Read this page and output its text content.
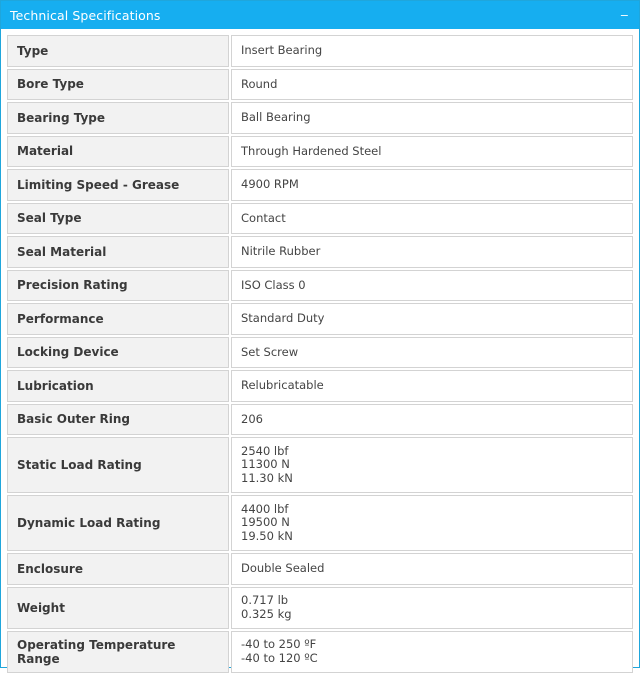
Technical Specifications	−
Type	Insert Bearing

Bore Type	Round

Bearing Type	Ball Bearing

Material	Through Hardened Steel

Limiting Speed - Grease	4900 RPM

Seal Type	Contact

Seal Material	Nitrile Rubber

Precision Rating	ISO Class 0

Performance	Standard Duty

Locking Device	Set Screw

Lubrication	Relubricatable

Basic Outer Ring	206

Static Load Rating	2540 lbf
11300 N
11.30 kN

Dynamic Load Rating	4400 lbf
19500 N
19.50 kN

Enclosure	Double Sealed

Weight	0.717 lb
0.325 kg

Operating Temperature Range	-40 to 250 ºF
-40 to 120 ºC
